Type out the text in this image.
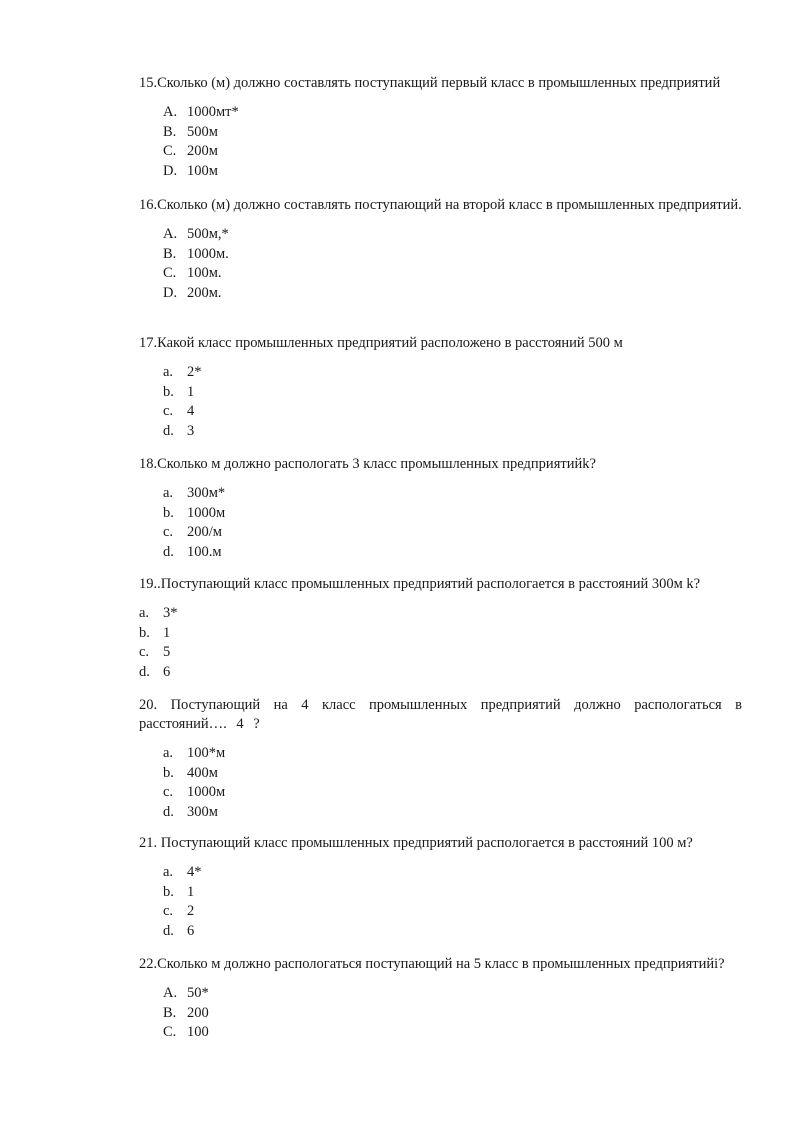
15.Сколько (м) должно составлять поступакщий первый класс в промышленных предприятий

A. 1000мт*
B. 500м
C. 200м
D. 100м

16.Сколько (м) должно составлять поступающий на второй класс в промышленных предприятий.

A. 500м,*
B. 1000м.
C. 100м.
D. 200м.

17.Какой класс промышленных предприятий расположено в расстояний 500 м

a. 2*
b. 1
c. 4
d. 3

18.Сколько м должно распологать 3 класс промышленных предприятийk?

a. 300м*
b. 1000м
c. 200/м
d. 100.м

19..Поступающий класс промышленных предприятий распологается в расстояний 300м k?

a. 3*
b. 1
c. 5
d. 6

20. Поступающий на 4 класс промышленных предприятий должно распологаться в расстояний…. 4 ?

a. 100*м
b. 400м
c. 1000м
d. 300м

21. Поступающий класс промышленных предприятий распологается в расстояний 100 м?

a. 4*
b. 1
c. 2
d. 6

22.Сколько м должно распологаться поступающий на 5 класс в промышленных предприятийi?

A. 50*
B. 200
C. 100
